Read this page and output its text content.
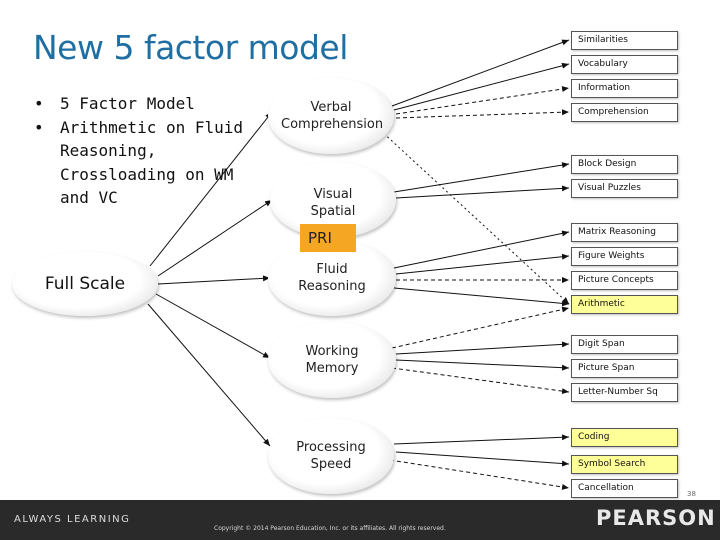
New 5 factor model
• 5 Factor Model
• Arithmetic on Fluid Reasoning, Crossloading on WM and VC
Full Scale
Verbal Comprehension
Visual Spatial
Fluid Reasoning
Working Memory
Processing Speed
PRI
Similarities
Vocabulary
Information
Comprehension
Block Design
Visual Puzzles
Matrix Reasoning
Figure Weights
Picture Concepts
Arithmetic
Digit Span
Picture Span
Letter-Number Sq
Coding
Symbol Search
Cancellation
38
ALWAYS LEARNING
Copyright © 2014 Pearson Education, Inc. or its affiliates. All rights reserved.	PEARSON
